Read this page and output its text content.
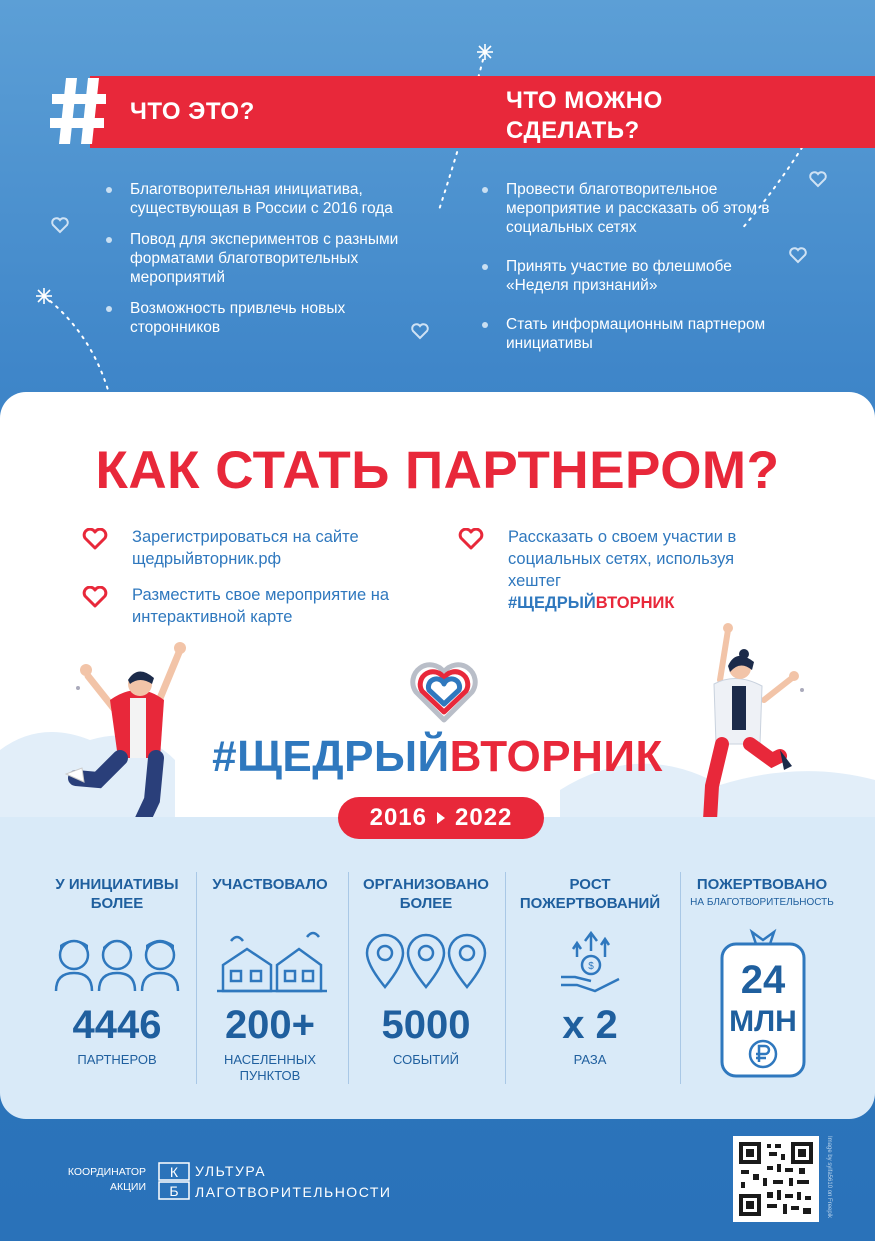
ЧТО ЭТО?	ЧТО МОЖНО СДЕЛАТЬ?
Благотворительная инициатива, существующая в России с 2016 года
Повод для экспериментов с разными форматами благотворительных мероприятий
Возможность привлечь новых сторонников
Провести благотворительное мероприятие и рассказать об этом в социальных сетях
Принять участие во флешмобе «Неделя признаний»
Стать информационным партнером инициативы
КАК СТАТЬ ПАРТНЕРОМ?
Зарегистрироваться на сайте щедрыйвторник.рф
Разместить свое мероприятие на интерактивной карте
Рассказать о своем участии в социальных сетях, используя хештег
#ЩЕДРЫЙВТОРНИК
#ЩЕДРЫЙВТОРНИК
У ИНИЦИАТИВЫ БОЛЕЕ
4446
ПАРТНЕРОВ
УЧАСТВОВАЛО
200+
НАСЕЛЕННЫХ ПУНКТОВ
ОРГАНИЗОВАНО БОЛЕЕ
5000
СОБЫТИЙ
РОСТ ПОЖЕРТВОВАНИЙ
$
x 2
РАЗА
ПОЖЕРТВОВАНО
НА БЛАГОТВОРИТЕЛЬНОСТЬ
24
МЛН
2016 2022
КООРДИНАТОР АКЦИИ
К
Б
УЛЬТУРА
ЛАГОТВОРИТЕЛЬНОСТИ	Image by syifa5610 on Freepik
